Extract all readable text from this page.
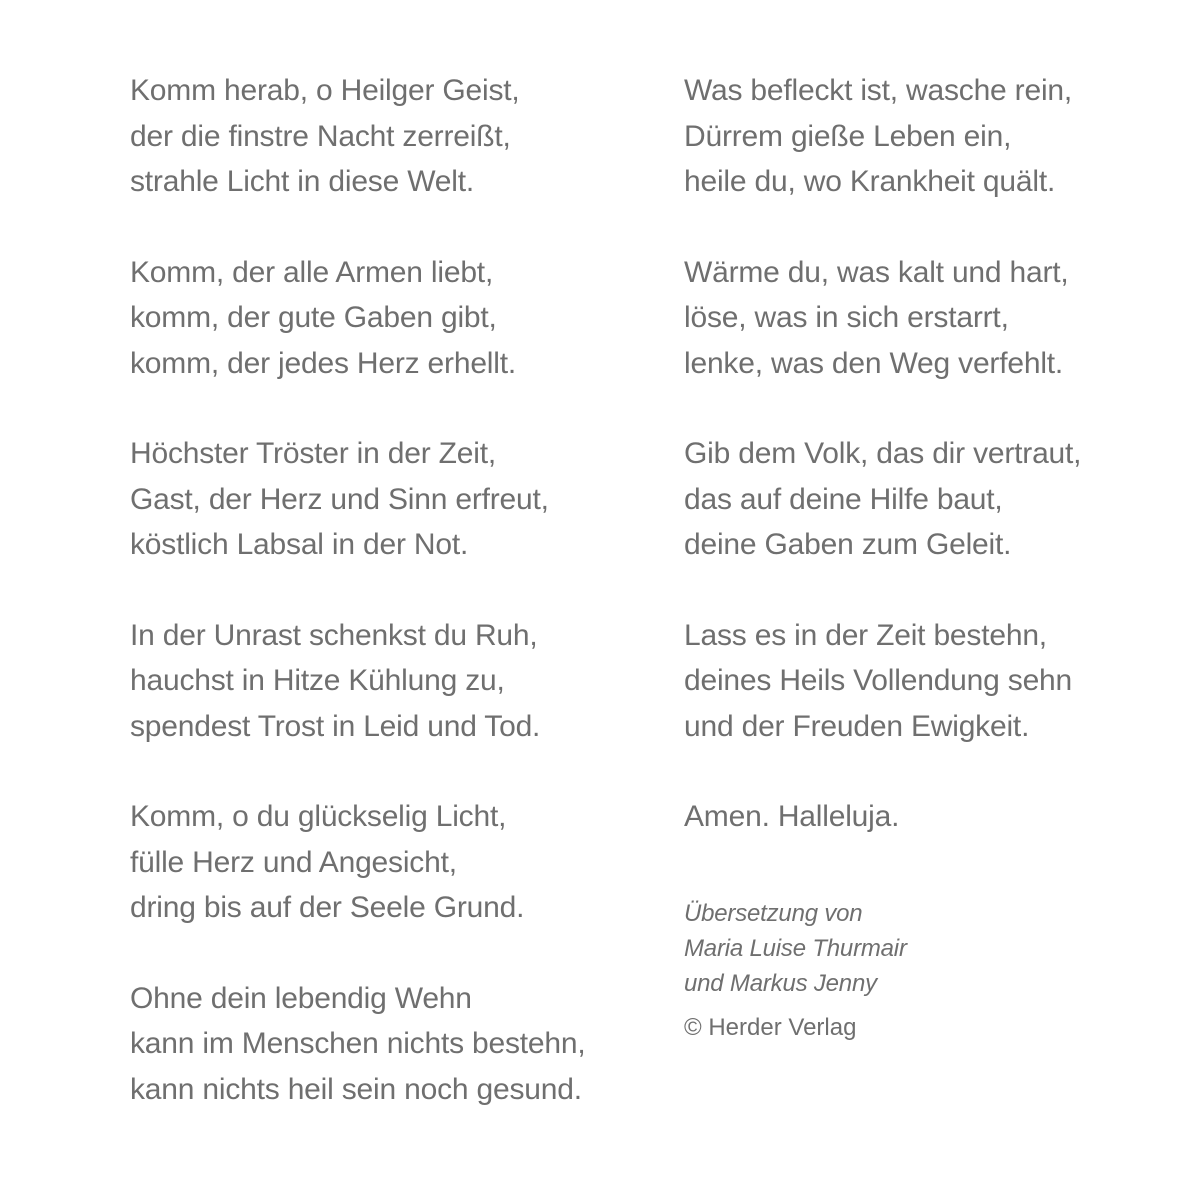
Komm herab, o Heilger Geist,
der die finstre Nacht zerreißt,
strahle Licht in diese Welt.
Komm, der alle Armen liebt,
komm, der gute Gaben gibt,
komm, der jedes Herz erhellt.
Höchster Tröster in der Zeit,
Gast, der Herz und Sinn erfreut,
köstlich Labsal in der Not.
In der Unrast schenkst du Ruh,
hauchst in Hitze Kühlung zu,
spendest Trost in Leid und Tod.
Komm, o du glückselig Licht,
fülle Herz und Angesicht,
dring bis auf der Seele Grund.
Ohne dein lebendig Wehn
kann im Menschen nichts bestehn,
kann nichts heil sein noch gesund.
Was befleckt ist, wasche rein,
Dürrem gieße Leben ein,
heile du, wo Krankheit quält.
Wärme du, was kalt und hart,
löse, was in sich erstarrt,
lenke, was den Weg verfehlt.
Gib dem Volk, das dir vertraut,
das auf deine Hilfe baut,
deine Gaben zum Geleit.
Lass es in der Zeit bestehn,
deines Heils Vollendung sehn
und der Freuden Ewigkeit.
Amen. Halleluja.
Übersetzung von
Maria Luise Thurmair
und Markus Jenny
© Herder Verlag
